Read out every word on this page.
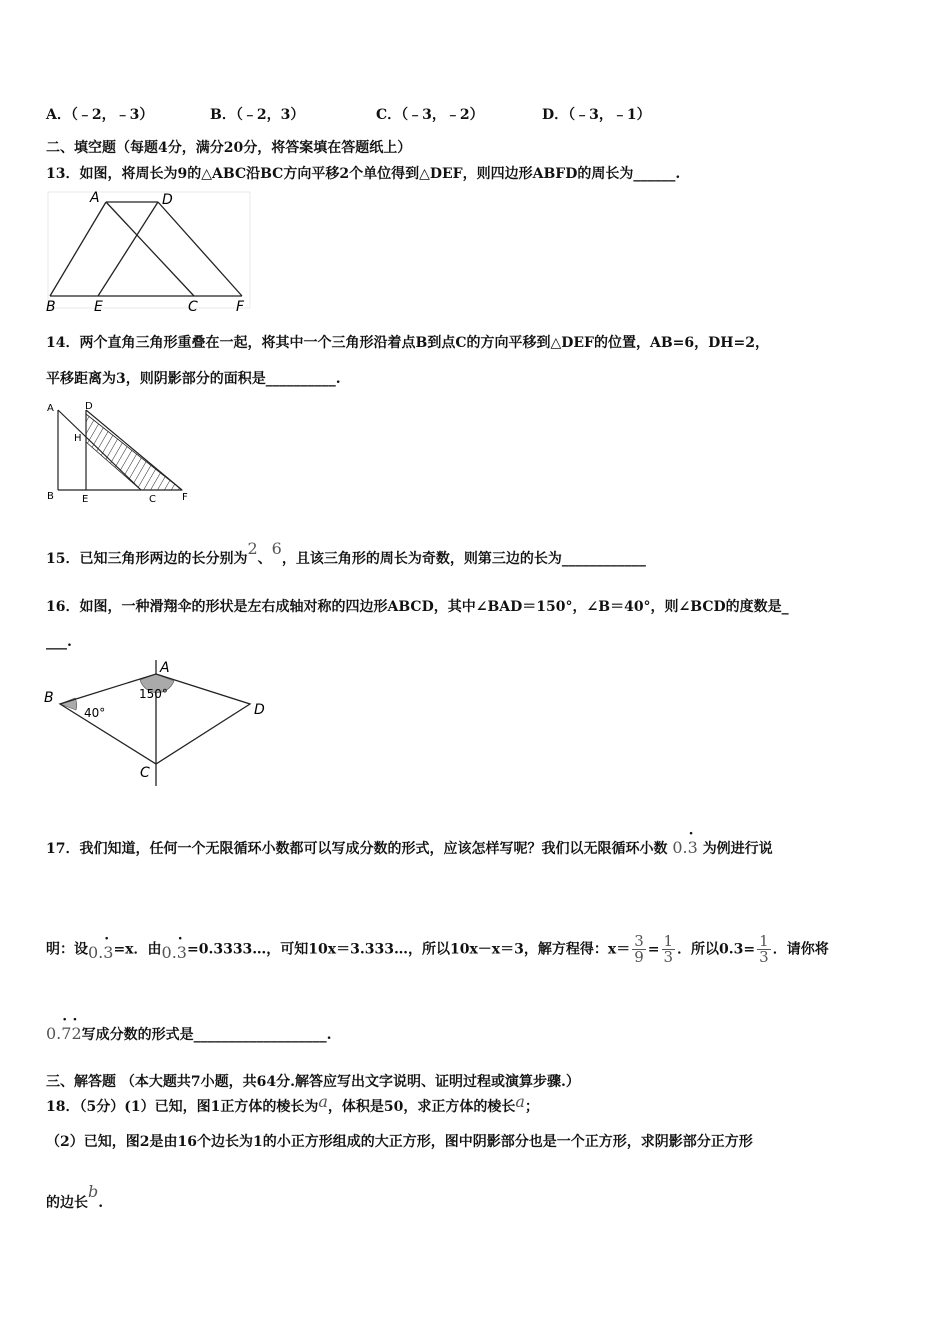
A．（﹣2，﹣3）	B．（﹣2，3）	C．（﹣3，﹣2）	D．（﹣3，﹣1）
二、填空题（每题4分，满分20分，将答案填在答题纸上）
13．如图，将周长为9的△ABC沿BC方向平移2个单位得到△DEF，则四边形ABFD的周长为______.
A	D
B	E	C	F
14．两个直角三角形重叠在一起，将其中一个三角形沿着点B到点C的方向平移到△DEF的位置，AB=6，DH=2，
平移距离为3，则阴影部分的面积是__________.
A	D
H
B	E	C	F
15．已知三角形两边的长分别为2、6，且该三角形的周长为奇数，则第三边的长为____________
16．如图，一种滑翔伞的形状是左右成轴对称的四边形ABCD，其中∠BAD＝150°，∠B＝40°，则∠BCD的度数是_
___.
A
B
C
D
150°
40°
17．我们知道，任何一个无限循环小数都可以写成分数的形式，应该怎样写呢？我们以无限循环小数 0.
·
3 为例进行说
明：设0.
·
3=x．由0.
·
3=0.3333…，可知10x＝3.333…，所以10x－x＝3，解方程得：$x= \frac{3}{9} = \frac{1}{3}$ ．所以$0.3= \frac{1}{3}$ ．请你将
0.
·
7
·
2写成分数的形式是___________________.
三、解答题 （本大题共7小题，共64分.解答应写出文字说明、证明过程或演算步骤.）
18．（5分）(1）已知，图1正方体的棱长为a，体积是50，求正方体的棱长a；
（2）已知，图2是由16个边长为1的小正方形组成的大正方形，图中阴影部分也是一个正方形，求阴影部分正方形
的边长b.
